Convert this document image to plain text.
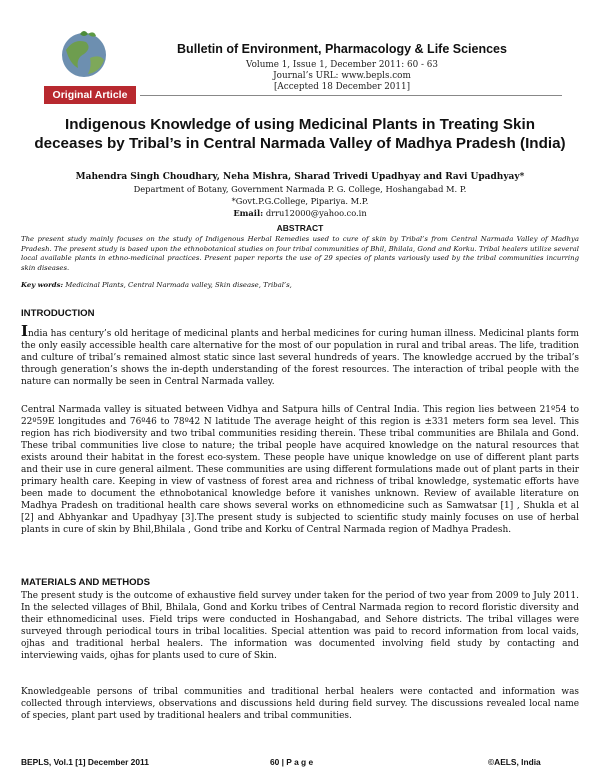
Original Article
Bulletin of Environment, Pharmacology & Life Sciences
Volume 1, Issue 1, December 2011: 60 - 63
Journal’s URL: www.bepls.com
[Accepted 18 December 2011]
Indigenous Knowledge of using Medicinal Plants in Treating Skin deceases by Tribal’s in Central Narmada Valley of Madhya Pradesh (India)
Mahendra Singh Choudhary, Neha Mishra, Sharad Trivedi Upadhyay and Ravi Upadhyay*
Department of Botany, Government Narmada P. G. College, Hoshangabad M. P.
*Govt.P.G.College, Pipariya. M.P.
Email: drru12000@yahoo.co.in
ABSTRACT
The present study mainly focuses on the study of Indigenous Herbal Remedies used to cure of skin by Tribal’s from Central Narmada Valley of Madhya Pradesh. The present study is based upon the ethnobotanical studies on four tribal communities of Bhil, Bhilala, Gond and Korku. Tribal healers utilize several local available plants in ethno-medicinal practices. Present paper reports the use of 29 species of plants variously used by the tribal communities incurring skin diseases.
Key words: Medicinal Plants, Central Narmada valley, Skin disease, Tribal’s,
INTRODUCTION
India has century’s old heritage of medicinal plants and herbal medicines for curing human illness. Medicinal plants form the only easily accessible health care alternative for the most of our population in rural and tribal areas. The life, tradition and culture of tribal’s remained almost static since last several hundreds of years. The knowledge accrued by the tribal’s through generation’s shows the in-depth understanding of the forest resources. The interaction of tribal people with the nature can normally be seen in Central Narmada valley.
Central Narmada valley is situated between Vidhya and Satpura hills of Central India. This region lies between 21º54 to 22º59E longitudes and 76º46 to 78º42 N latitude The average height of this region is ±331 meters form sea level. This region has rich biodiversity and two tribal communities residing therein. These tribal communities are Bhilala and Gond. These tribal communities live close to nature; the tribal people have acquired knowledge on the natural resources that exists around their habitat in the forest eco-system. These people have unique knowledge on use of different plant parts and their use in cure general ailment. These communities are using different formulations made out of plant parts in their primary health care. Keeping in view of vastness of forest area and richness of tribal knowledge, systematic efforts have been made to document the ethnobotanical knowledge before it vanishes unknown. Review of available literature on Madhya Pradesh on traditional health care shows several works on ethnomedicine such as Samwatsar [1] , Shukla et al [2] and Abhyankar and Upadhyay [3].The present study is subjected to scientific study mainly focuses on use of herbal plants in cure of skin by Bhil,Bhilala , Gond tribe and Korku of Central Narmada region of Madhya Pradesh.
MATERIALS AND METHODS
The present study is the outcome of exhaustive field survey under taken for the period of two year from 2009 to July 2011. In the selected villages of Bhil, Bhilala, Gond and Korku tribes of Central Narmada region to record floristic diversity and their ethnomedicinal uses. Field trips were conducted in Hoshangabad, and Sehore districts. The tribal villages were surveyed through periodical tours in tribal localities. Special attention was paid to record information from local vaids, ojhas and traditional herbal healers. The information was documented involving field study by contacting and interviewing vaids, ojhas for plants used to cure of Skin.
Knowledgeable persons of tribal communities and traditional herbal healers were contacted and information was collected through interviews, observations and discussions held during field survey. The discussions revealed local name of species, plant part used by traditional healers and tribal communities.
BEPLS, Vol.1 [1] December 2011	60 | P a g e	©AELS, India
